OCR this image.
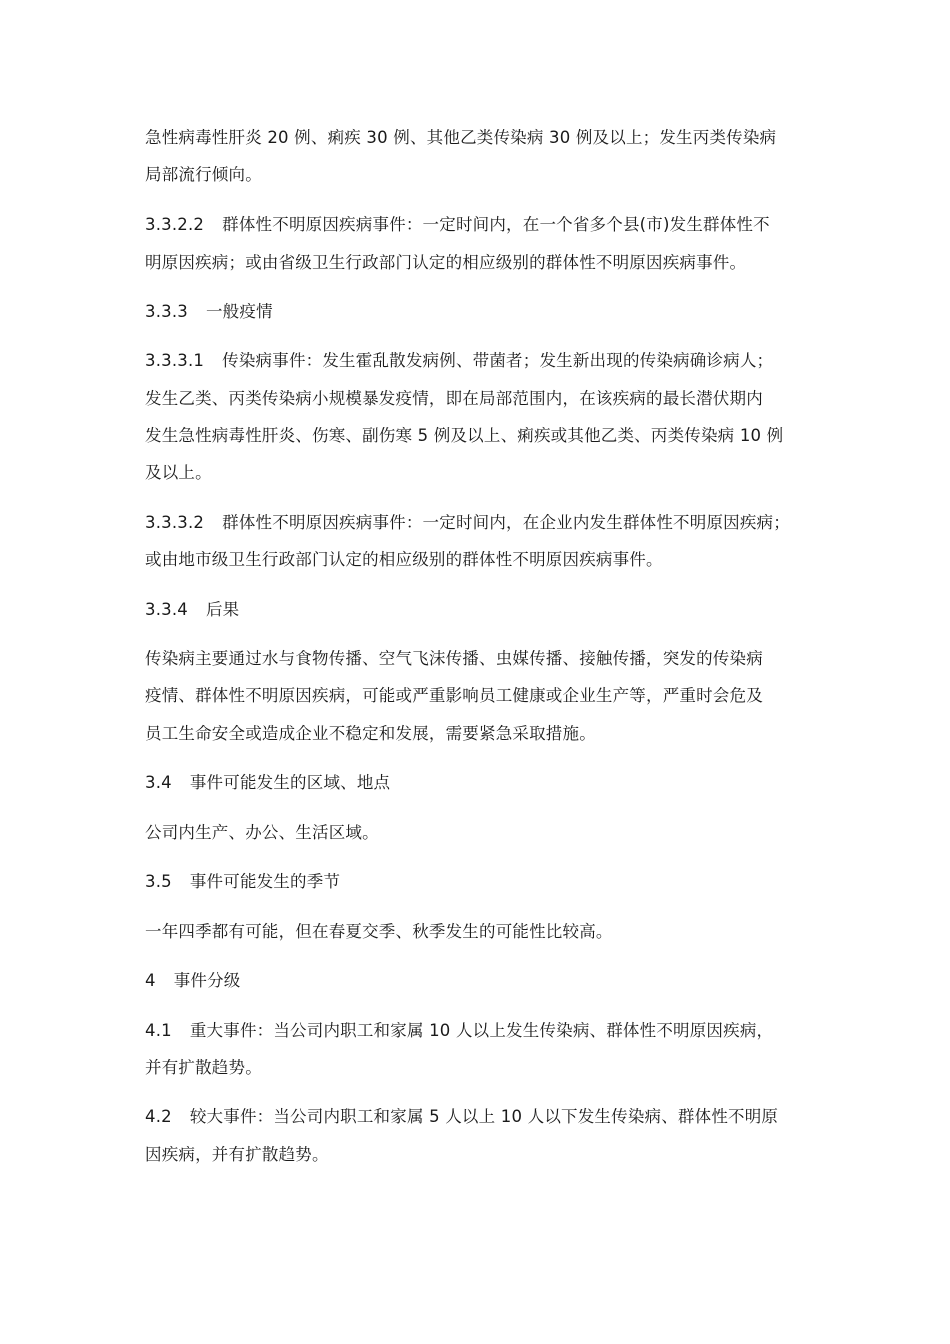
急性病毒性肝炎 20 例、痢疾 30 例、其他乙类传染病 30 例及以上；发生丙类传染病
局部流行倾向。
3.3.2.2 群体性不明原因疾病事件：一定时间内，在一个省多个县(市)发生群体性不
明原因疾病；或由省级卫生行政部门认定的相应级别的群体性不明原因疾病事件。
3.3.3 一般疫情
3.3.3.1 传染病事件：发生霍乱散发病例、带菌者；发生新出现的传染病确诊病人；
发生乙类、丙类传染病小规模暴发疫情，即在局部范围内，在该疾病的最长潜伏期内
发生急性病毒性肝炎、伤寒、副伤寒 5 例及以上、痢疾或其他乙类、丙类传染病 10 例
及以上。
3.3.3.2 群体性不明原因疾病事件：一定时间内，在企业内发生群体性不明原因疾病；
或由地市级卫生行政部门认定的相应级别的群体性不明原因疾病事件。
3.3.4 后果
传染病主要通过水与食物传播、空气飞沫传播、虫媒传播、接触传播，突发的传染病
疫情、群体性不明原因疾病，可能或严重影响员工健康或企业生产等，严重时会危及
员工生命安全或造成企业不稳定和发展，需要紧急采取措施。
3.4 事件可能发生的区域、地点
公司内生产、办公、生活区域。
3.5 事件可能发生的季节
一年四季都有可能，但在春夏交季、秋季发生的可能性比较高。
4 事件分级
4.1 重大事件：当公司内职工和家属 10 人以上发生传染病、群体性不明原因疾病，
并有扩散趋势。
4.2 较大事件：当公司内职工和家属 5 人以上 10 人以下发生传染病、群体性不明原
因疾病，并有扩散趋势。
